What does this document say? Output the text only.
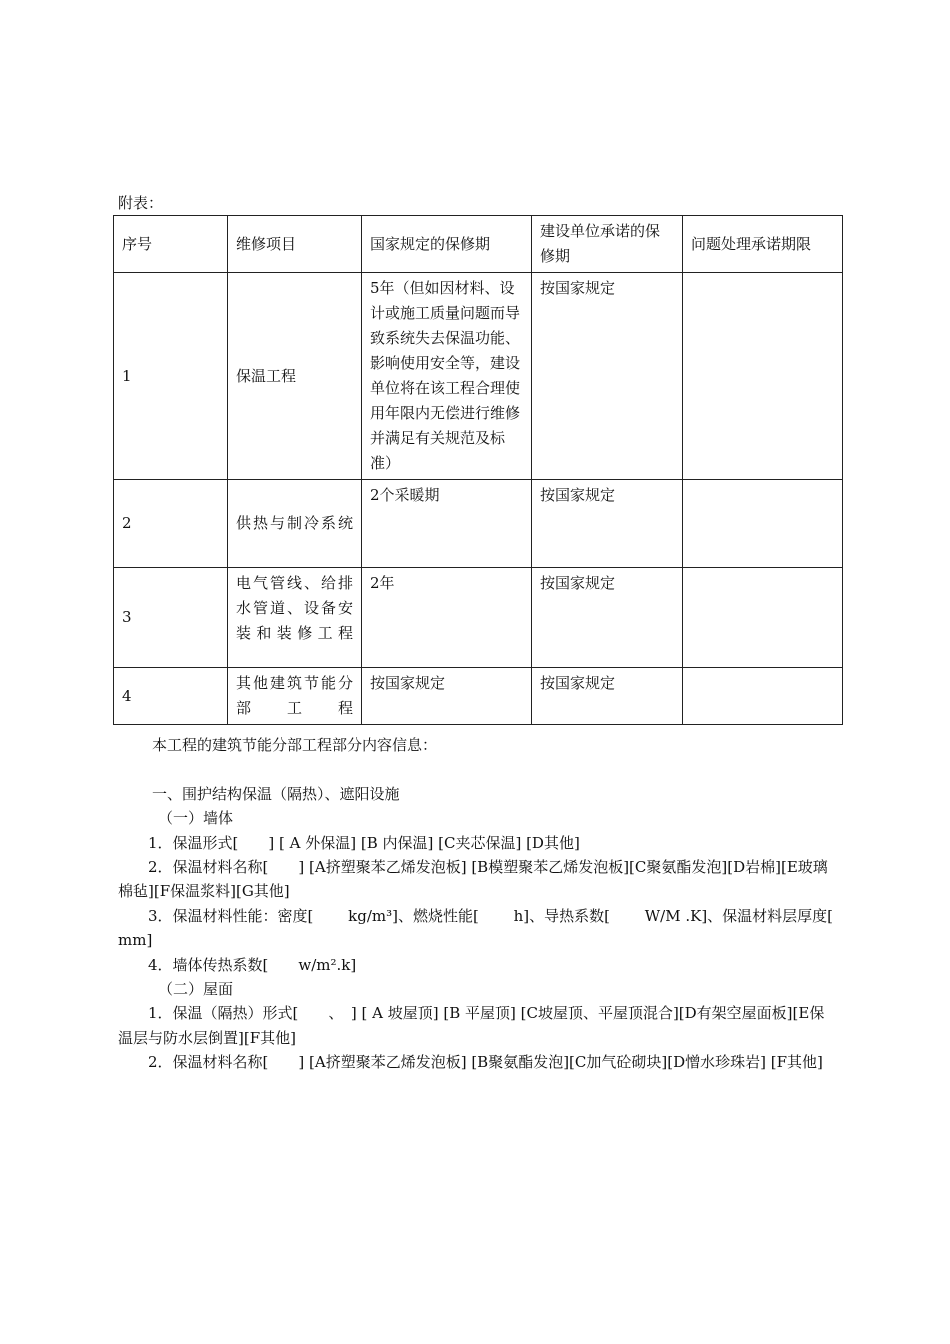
附表：
序号	维修项目	国家规定的保修期	建设单位承诺的保修期	问题处理承诺期限
1	保温工程	5年（但如因材料、设计或施工质量问题而导致系统失去保温功能、影响使用安全等，建设单位将在该工程合理使用年限内无偿进行维修并满足有关规范及标准）	按国家规定	
2	供热与制冷系统	2个采暖期	按国家规定	
3	电气管线、给排水管道、设备安装和装修工程	2年	按国家规定	
4	其他建筑节能分部工程	按国家规定	按国家规定	

本工程的建筑节能分部工程部分内容信息：

一、围护结构保温（隔热）、遮阳设施

（一）墙体

1．保温形式[　　] [ A 外保温] [B 内保温] [C夹芯保温] [D其他]

2．保温材料名称[　　] [A挤塑聚苯乙烯发泡板] [B模塑聚苯乙烯发泡板][C聚氨酯发泡][D岩棉][E玻璃棉毡][F保温浆料][G其他]

3．保温材料性能：密度[　　 kg/m³]、燃烧性能[　　 h]、导热系数[　　 W/M .K]、保温材料层厚度[　　　　mm]

4．墙体传热系数[　　w/m².k]

（二）屋面

1．保温（隔热）形式[　　、　] [ A 坡屋顶] [B 平屋顶] [C坡屋顶、平屋顶混合][D有架空屋面板][E保温层与防水层倒置][F其他]

2．保温材料名称[　　] [A挤塑聚苯乙烯发泡板] [B聚氨酯发泡][C加气砼砌块][D憎水珍珠岩] [F其他]
